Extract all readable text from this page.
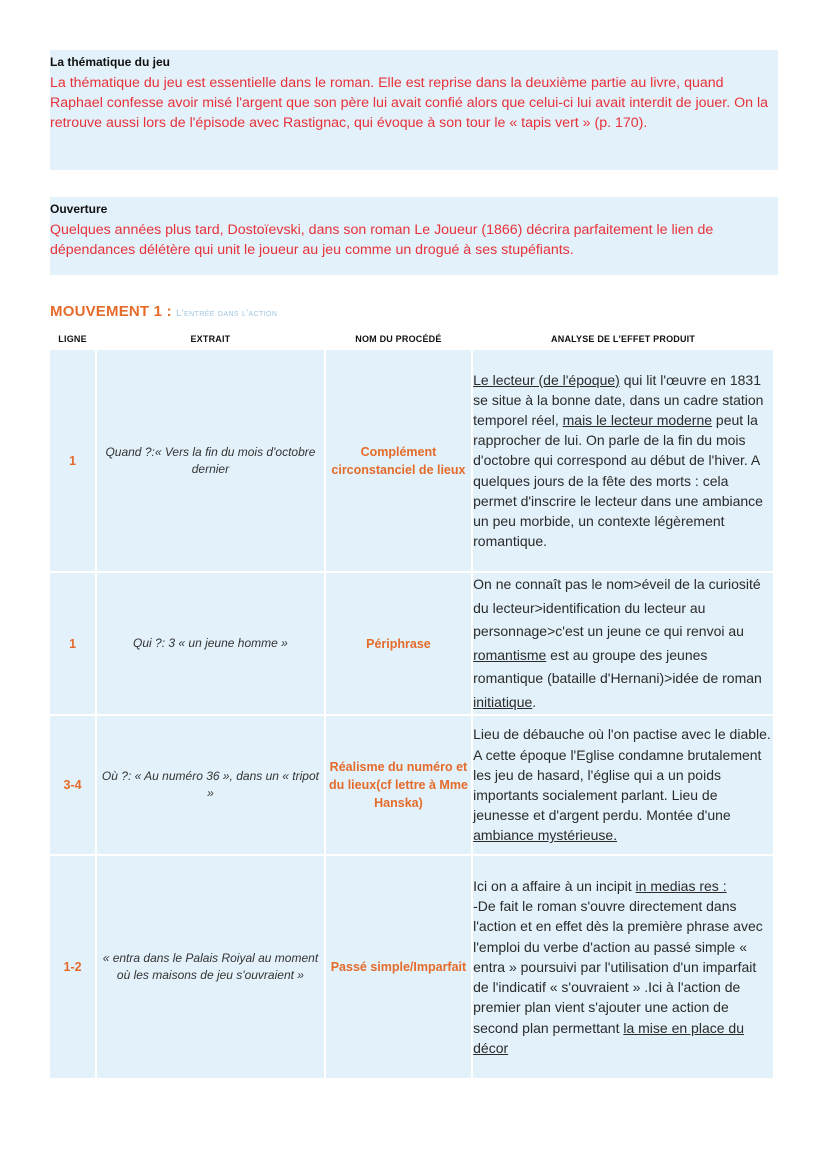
La thématique du jeu
La thématique du jeu est essentielle dans le roman. Elle est reprise dans la deuxième partie au livre, quand Raphael confesse avoir misé l'argent que son père lui avait confié alors que celui-ci lui avait interdit de jouer. On la retrouve aussi lors de l'épisode avec Rastignac, qui évoque à son tour le « tapis vert » (p. 170).
Ouverture
Quelques années plus tard, Dostoïevski, dans son roman Le Joueur (1866) décrira parfaitement le lien de dépendances délétère qui unit le joueur au jeu comme un drogué à ses stupéfiants.
MOUVEMENT 1 : L'entrée dans l'action
LIGNE	EXTRAIT	NOM DU PROCÉDÉ	ANALYSE DE L'EFFET PRODUIT
1	Quand ?:« Vers la fin du mois d'octobre dernier	Complément circonstanciel de lieux	Le lecteur (de l'époque) qui lit l'œuvre en 1831 se situe à la bonne date, dans un cadre station temporel réel, mais le lecteur moderne peut la rapprocher de lui. On parle de la fin du mois d'octobre qui correspond au début de l'hiver. A quelques jours de la fête des morts : cela permet d'inscrire le lecteur dans une ambiance un peu morbide, un contexte légèrement romantique.
1	Qui ?: 3 « un jeune homme »	Périphrase	On ne connaît pas le nom>éveil de la curiosité du lecteur>identification du lecteur au personnage>c'est un jeune ce qui renvoi au romantisme est au groupe des jeunes romantique (bataille d'Hernani)>idée de roman initiatique.
3-4	Où ?: « Au numéro 36 », dans un « tripot »	Réalisme du numéro et du lieux(cf lettre à Mme Hanska)	Lieu de débauche où l'on pactise avec le diable. A cette époque l'Eglise condamne brutalement les jeu de hasard, l'église qui a un poids importants socialement parlant. Lieu de jeunesse et d'argent perdu. Montée d'une ambiance mystérieuse.
1-2	« entra dans le Palais Roiyal au moment où les maisons de jeu s'ouvraient »	Passé simple/Imparfait	Ici on a affaire à un incipit in medias res :
-De fait le roman s'ouvre directement dans l'action et en effet dès la première phrase avec l'emploi du verbe d'action au passé simple « entra » poursuivi par l'utilisation d'un imparfait de l'indicatif « s'ouvraient » .Ici à l'action de premier plan vient s'ajouter une action de second plan permettant la mise en place du décor
